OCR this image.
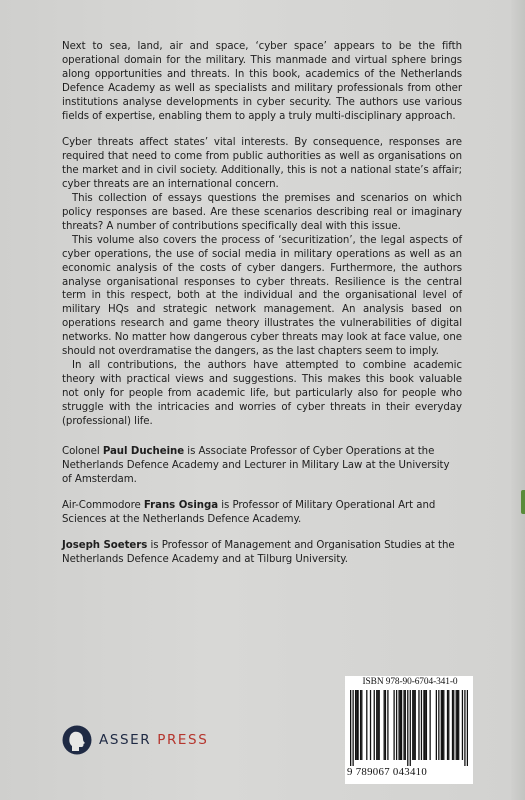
Next to sea, land, air and space, ‘cyber space’ appears to be the fifth operational domain for the military. This manmade and virtual sphere brings along opportunities and threats. In this book, academics of the Netherlands Defence Academy as well as specialists and military professionals from other institutions analyse developments in cyber security. The authors use various fields of expertise, enabling them to apply a truly multi-disciplinary approach.

Cyber threats affect states’ vital interests. By consequence, responses are required that need to come from public authorities as well as organisations on the market and in civil society. Additionally, this is not a national state’s affair; cyber threats are an international concern.

This collection of essays questions the premises and scenarios on which policy responses are based. Are these scenarios describing real or imaginary threats? A number of contributions specifically deal with this issue.

This volume also covers the process of ‘securitization’, the legal aspects of cyber operations, the use of social media in military operations as well as an economic analysis of the costs of cyber dangers. Furthermore, the authors analyse organisational responses to cyber threats. Resilience is the central term in this respect, both at the individual and the organisational level of military HQs and strategic network management. An analysis based on operations research and game theory illustrates the vulnerabilities of digital networks. No matter how dangerous cyber threats may look at face value, one should not overdramatise the dangers, as the last chapters seem to imply.

In all contributions, the authors have attempted to combine academic theory with practical views and suggestions. This makes this book valuable not only for people from academic life, but particularly also for people who struggle with the intricacies and worries of cyber threats in their everyday (professional) life.

Colonel Paul Ducheine is Associate Professor of Cyber Operations at the Netherlands Defence Academy and Lecturer in Military Law at the University of Amsterdam.

Air-Commodore Frans Osinga is Professor of Military Operational Art and Sciences at the Netherlands Defence Academy.

Joseph Soeters is Professor of Management and Organisation Studies at the Netherlands Defence Academy and at Tilburg University.

ISBN 978-90-6704-341-0
9 789067 043410
ASSER PRESS
